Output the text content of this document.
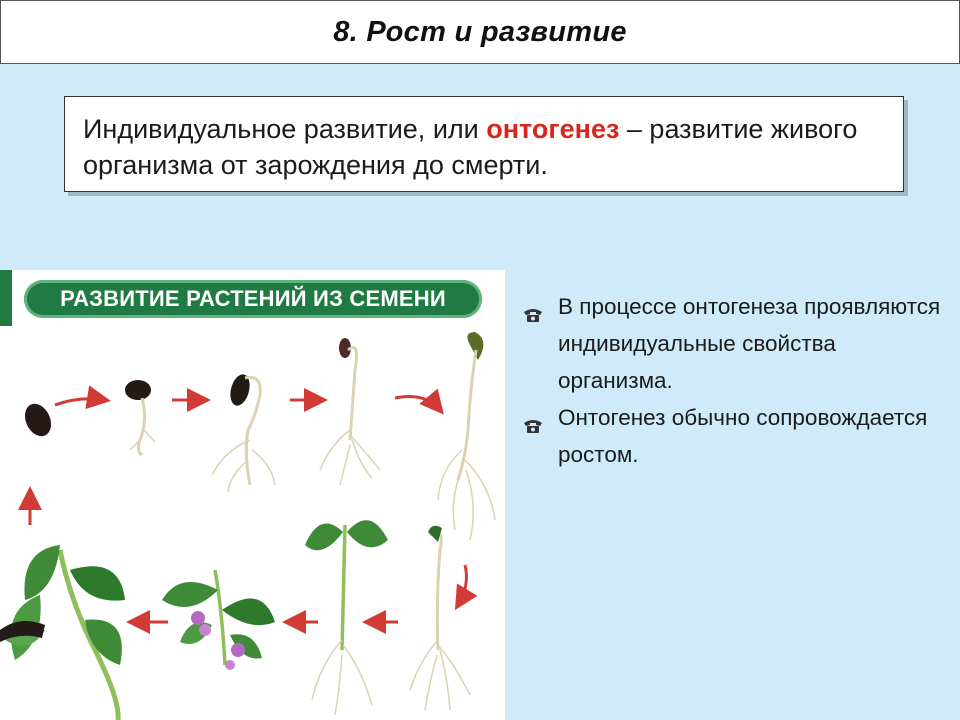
8. Рост и развитие
Индивидуальное развитие, или онтогенез – развитие живого организма от зарождения до смерти.
РАЗВИТИЕ РАСТЕНИЙ ИЗ СЕМЕНИ	В процессе онтогенеза проявляются индивидуальные свойства организма.
Онтогенез обычно сопровождается ростом.
